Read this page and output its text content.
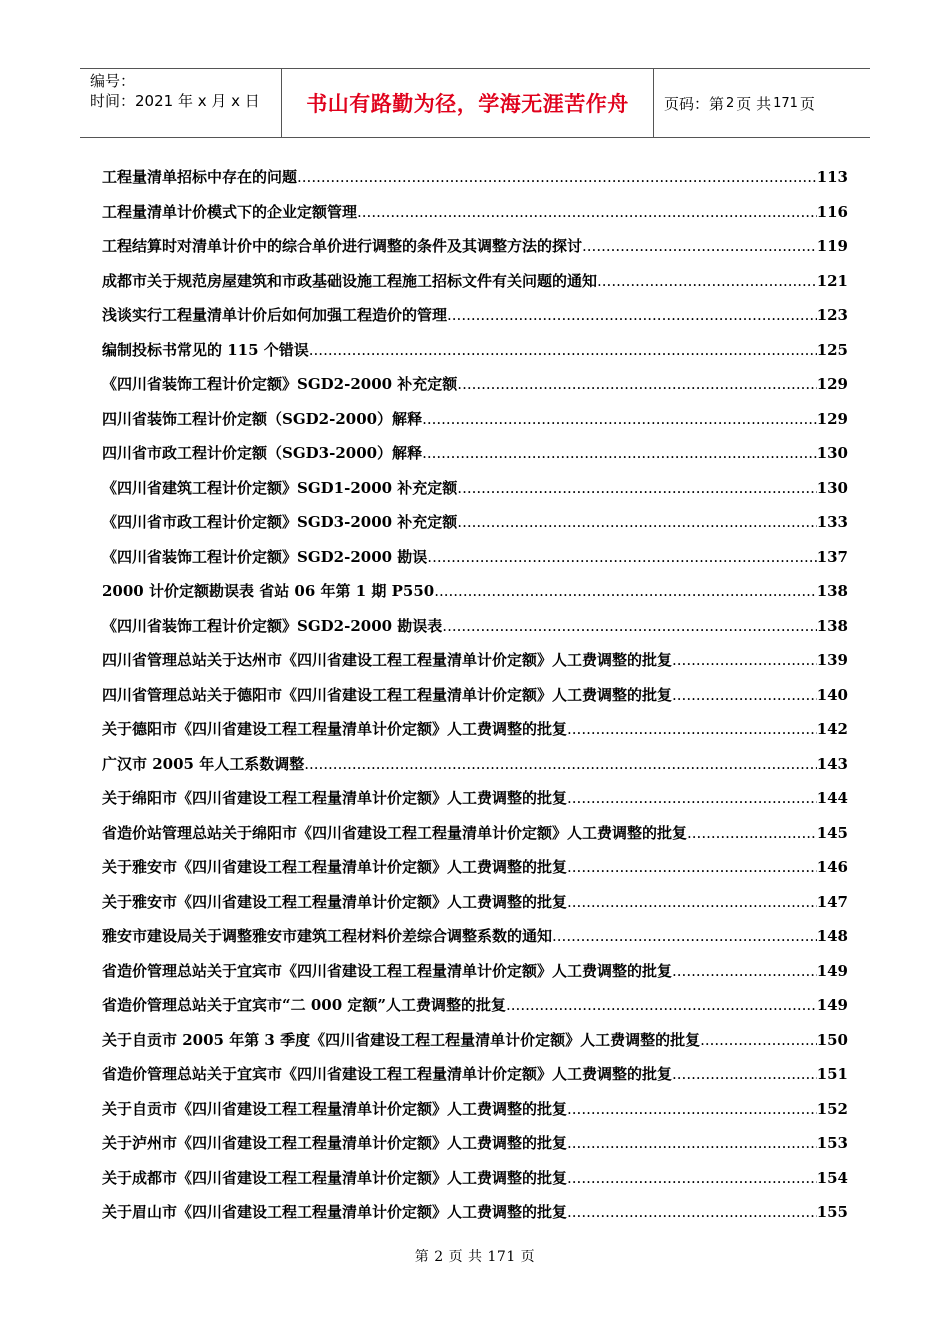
编号：
时间：2021 年 x 月 x 日	书山有路勤为径，学海无涯苦作舟 页码：第 2 页 共 171 页
工程量清单招标中存在的问题 .....	113
工程量清单计价模式下的企业定额管理 .....	116
工程结算时对清单计价中的综合单价进行调整的条件及其调整方法的探讨 .....	119
成都市关于规范房屋建筑和市政基础设施工程施工招标文件有关问题的通知 .....	121
浅谈实行工程量清单计价后如何加强工程造价的管理 .....	123
编制投标书常见的 115 个错误 .....	125
《四川省装饰工程计价定额》SGD2-2000 补充定额 .....	129
四川省装饰工程计价定额（SGD2-2000）解释 .....	129
四川省市政工程计价定额（SGD3-2000）解释 .....	130
《四川省建筑工程计价定额》SGD1-2000 补充定额 .....	130
《四川省市政工程计价定额》SGD3-2000 补充定额 .....	133
《四川省装饰工程计价定额》SGD2-2000 勘误 .....	137
2000 计价定额勘误表 省站 06 年第 1 期 P550 .....	138
《四川省装饰工程计价定额》SGD2-2000 勘误表 .....	138
四川省管理总站关于达州市《四川省建设工程工程量清单计价定额》人工费调整的批复 .....	139
四川省管理总站关于德阳市《四川省建设工程工程量清单计价定额》人工费调整的批复 .....	140
关于德阳市《四川省建设工程工程量清单计价定额》人工费调整的批复 .....	142
广汉市 2005 年人工系数调整 .....	143
关于绵阳市《四川省建设工程工程量清单计价定额》人工费调整的批复 .....	144
省造价站管理总站关于绵阳市《四川省建设工程工程量清单计价定额》人工费调整的批复 .....	145
关于雅安市《四川省建设工程工程量清单计价定额》人工费调整的批复 .....	146
关于雅安市《四川省建设工程工程量清单计价定额》人工费调整的批复 .....	147
雅安市建设局关于调整雅安市建筑工程材料价差综合调整系数的通知 .....	148
省造价管理总站关于宜宾市《四川省建设工程工程量清单计价定额》人工费调整的批复 .....	149
省造价管理总站关于宜宾市“二 000 定额”人工费调整的批复 .....	149
关于自贡市 2005 年第 3 季度《四川省建设工程工程量清单计价定额》人工费调整的批复 .....	150
省造价管理总站关于宜宾市《四川省建设工程工程量清单计价定额》人工费调整的批复 .....	151
关于自贡市《四川省建设工程工程量清单计价定额》人工费调整的批复 .....	152
关于泸州市《四川省建设工程工程量清单计价定额》人工费调整的批复 .....	153
关于成都市《四川省建设工程工程量清单计价定额》人工费调整的批复 .....	154
关于眉山市《四川省建设工程工程量清单计价定额》人工费调整的批复 .....	155
第 2 页 共 171 页
